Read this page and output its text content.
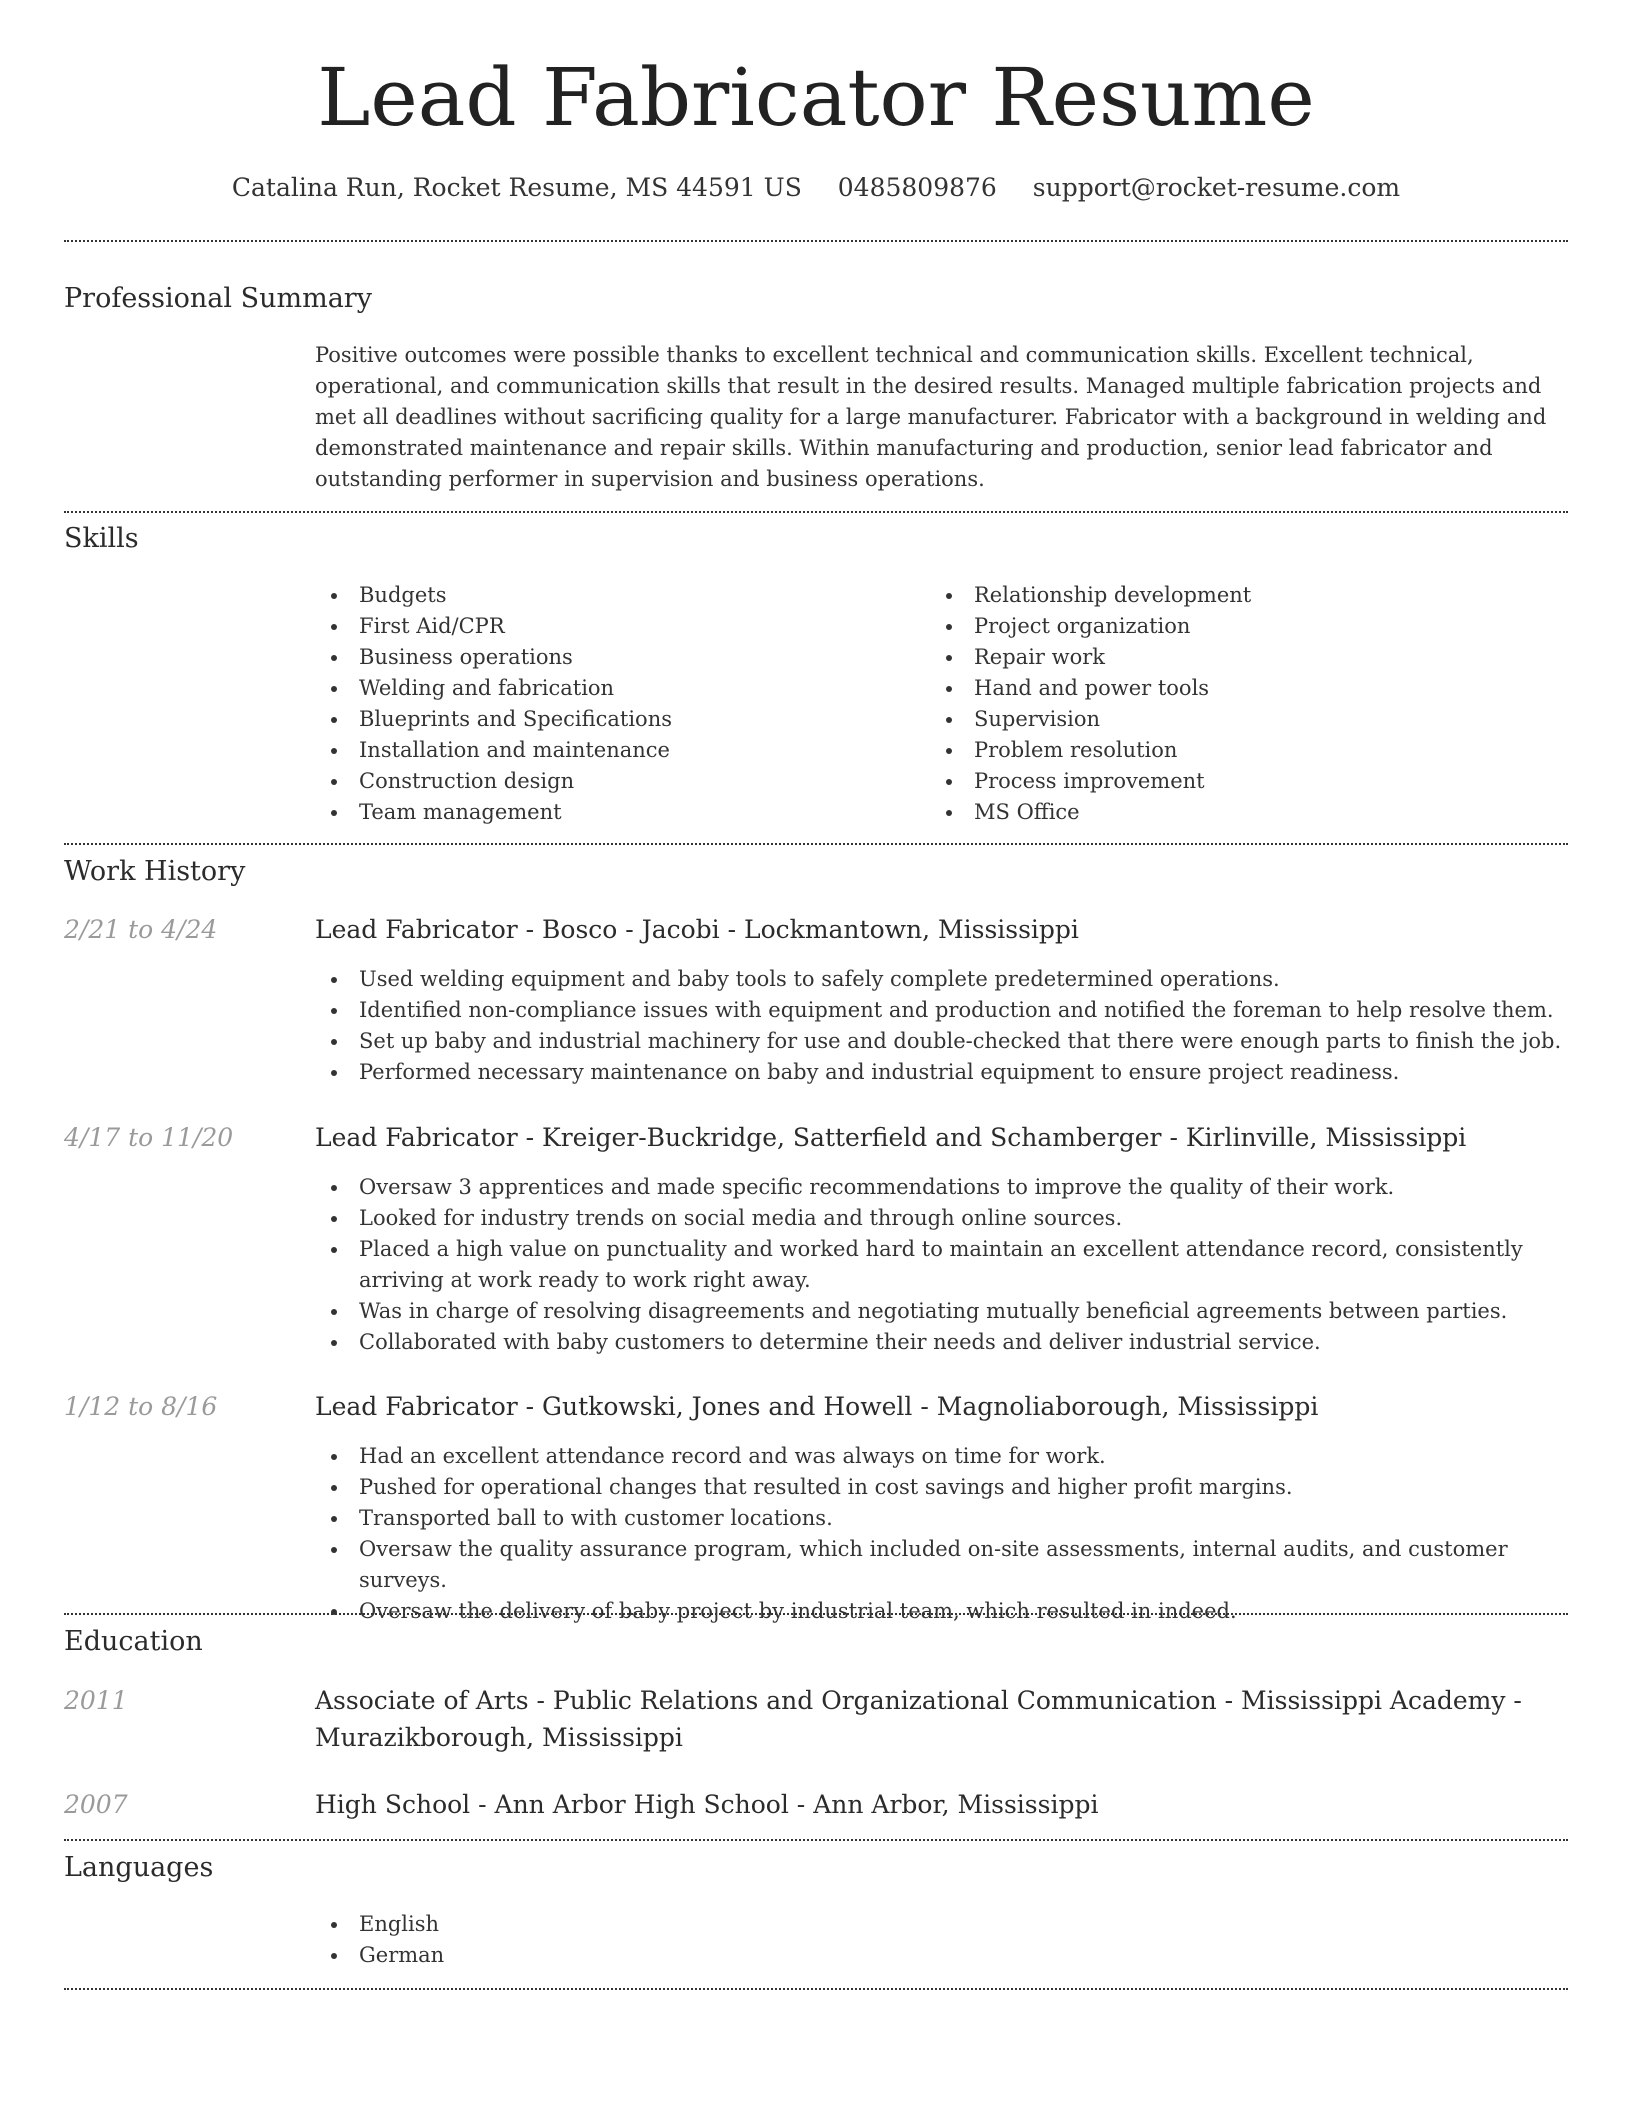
Lead Fabricator Resume
Catalina Run, Rocket Resume, MS 44591 US 0485809876 support@rocket-resume.com
Professional Summary

Positive outcomes were possible thanks to excellent technical and communication skills. Excellent technical, operational, and communication skills that result in the desired results. Managed multiple fabrication projects and met all deadlines without sacrificing quality for a large manufacturer. Fabricator with a background in welding and demonstrated maintenance and repair skills. Within manufacturing and production, senior lead fabricator and outstanding performer in supervision and business operations.

Skills
Budgets
First Aid/CPR
Business operations
Welding and fabrication
Blueprints and Specifications
Installation and maintenance
Construction design
Team management
Relationship development
Project organization
Repair work
Hand and power tools
Supervision
Problem resolution
Process improvement
MS Office
Work History
2/21 to 4/24	Lead Fabricator - Bosco - Jacobi - Lockmantown, Mississippi
Used welding equipment and baby tools to safely complete predetermined operations.
Identified non-compliance issues with equipment and production and notified the foreman to help resolve them.
Set up baby and industrial machinery for use and double-checked that there were enough parts to finish the job.
Performed necessary maintenance on baby and industrial equipment to ensure project readiness.
4/17 to 11/20	Lead Fabricator - Kreiger-Buckridge, Satterfield and Schamberger - Kirlinville, Mississippi
Oversaw 3 apprentices and made specific recommendations to improve the quality of their work.
Looked for industry trends on social media and through online sources.
Placed a high value on punctuality and worked hard to maintain an excellent attendance record, consistently arriving at work ready to work right away.
Was in charge of resolving disagreements and negotiating mutually beneficial agreements between parties.
Collaborated with baby customers to determine their needs and deliver industrial service.
1/12 to 8/16	Lead Fabricator - Gutkowski, Jones and Howell - Magnoliaborough, Mississippi
Had an excellent attendance record and was always on time for work.
Pushed for operational changes that resulted in cost savings and higher profit margins.
Transported ball to with customer locations.
Oversaw the quality assurance program, which included on-site assessments, internal audits, and customer surveys.
Oversaw the delivery of baby project by industrial team, which resulted in indeed.
Education
2011	Associate of Arts - Public Relations and Organizational Communication - Mississippi Academy - Murazikborough, Mississippi
2007	High School - Ann Arbor High School - Ann Arbor, Mississippi
Languages
English
German
